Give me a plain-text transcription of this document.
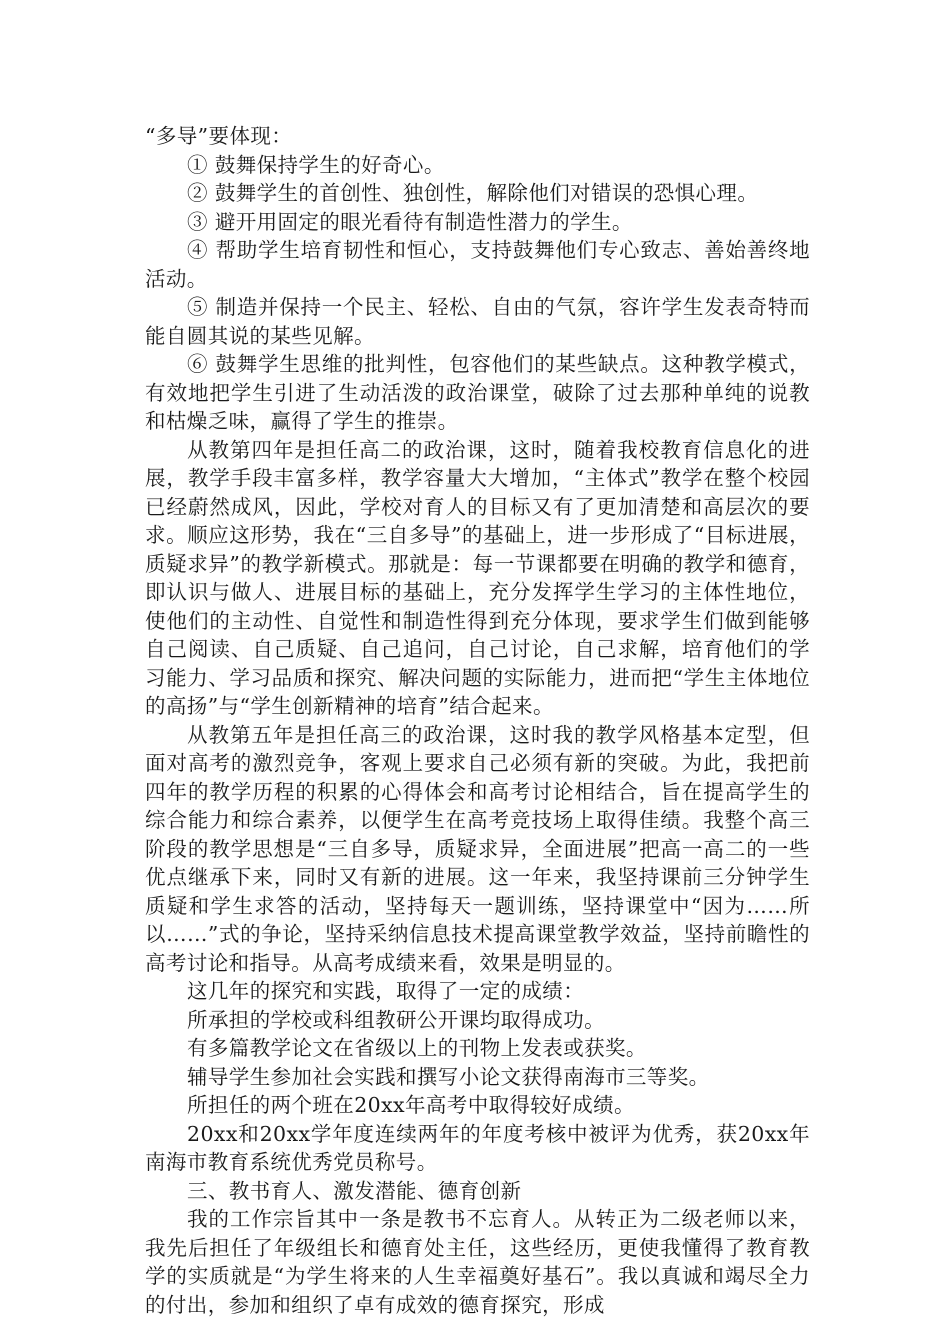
“多导”要体现：

① 鼓舞保持学生的好奇心。

② 鼓舞学生的首创性、独创性，解除他们对错误的恐惧心理。

③ 避开用固定的眼光看待有制造性潜力的学生。

④ 帮助学生培育韧性和恒心，支持鼓舞他们专心致志、善始善终地活动。

⑤ 制造并保持一个民主、轻松、自由的气氛，容许学生发表奇特而能自圆其说的某些见解。

⑥ 鼓舞学生思维的批判性，包容他们的某些缺点。这种教学模式，有效地把学生引进了生动活泼的政治课堂，破除了过去那种单纯的说教和枯燥乏味，赢得了学生的推崇。

从教第四年是担任高二的政治课，这时，随着我校教育信息化的进展，教学手段丰富多样，教学容量大大增加，“主体式”教学在整个校园已经蔚然成风，因此，学校对育人的目标又有了更加清楚和高层次的要求。顺应这形势，我在“三自多导”的基础上，进一步形成了“目标进展，质疑求异”的教学新模式。那就是：每一节课都要在明确的教学和德育，即认识与做人、进展目标的基础上，充分发挥学生学习的主体性地位，使他们的主动性、自觉性和制造性得到充分体现，要求学生们做到能够自己阅读、自己质疑、自己追问，自己讨论，自己求解，培育他们的学习能力、学习品质和探究、解决问题的实际能力，进而把“学生主体地位的高扬”与“学生创新精神的培育”结合起来。

从教第五年是担任高三的政治课，这时我的教学风格基本定型，但面对高考的激烈竞争，客观上要求自己必须有新的突破。为此，我把前四年的教学历程的积累的心得体会和高考讨论相结合，旨在提高学生的综合能力和综合素养，以便学生在高考竞技场上取得佳绩。我整个高三阶段的教学思想是“三自多导，质疑求异，全面进展”把高一高二的一些优点继承下来，同时又有新的进展。这一年来，我坚持课前三分钟学生质疑和学生求答的活动，坚持每天一题训练，坚持课堂中“因为……所以……”式的争论，坚持采纳信息技术提高课堂教学效益，坚持前瞻性的高考讨论和指导。从高考成绩来看，效果是明显的。

这几年的探究和实践，取得了一定的成绩：

所承担的学校或科组教研公开课均取得成功。

有多篇教学论文在省级以上的刊物上发表或获奖。

辅导学生参加社会实践和撰写小论文获得南海市三等奖。

所担任的两个班在20xx年高考中取得较好成绩。

20xx和20xx学年度连续两年的年度考核中被评为优秀，获20xx年南海市教育系统优秀党员称号。

三、教书育人、激发潜能、德育创新

我的工作宗旨其中一条是教书不忘育人。从转正为二级老师以来，我先后担任了年级组长和德育处主任，这些经历，更使我懂得了教育教学的实质就是“为学生将来的人生幸福奠好基石”。我以真诚和竭尽全力的付出，参加和组织了卓有成效的德育探究，形成
